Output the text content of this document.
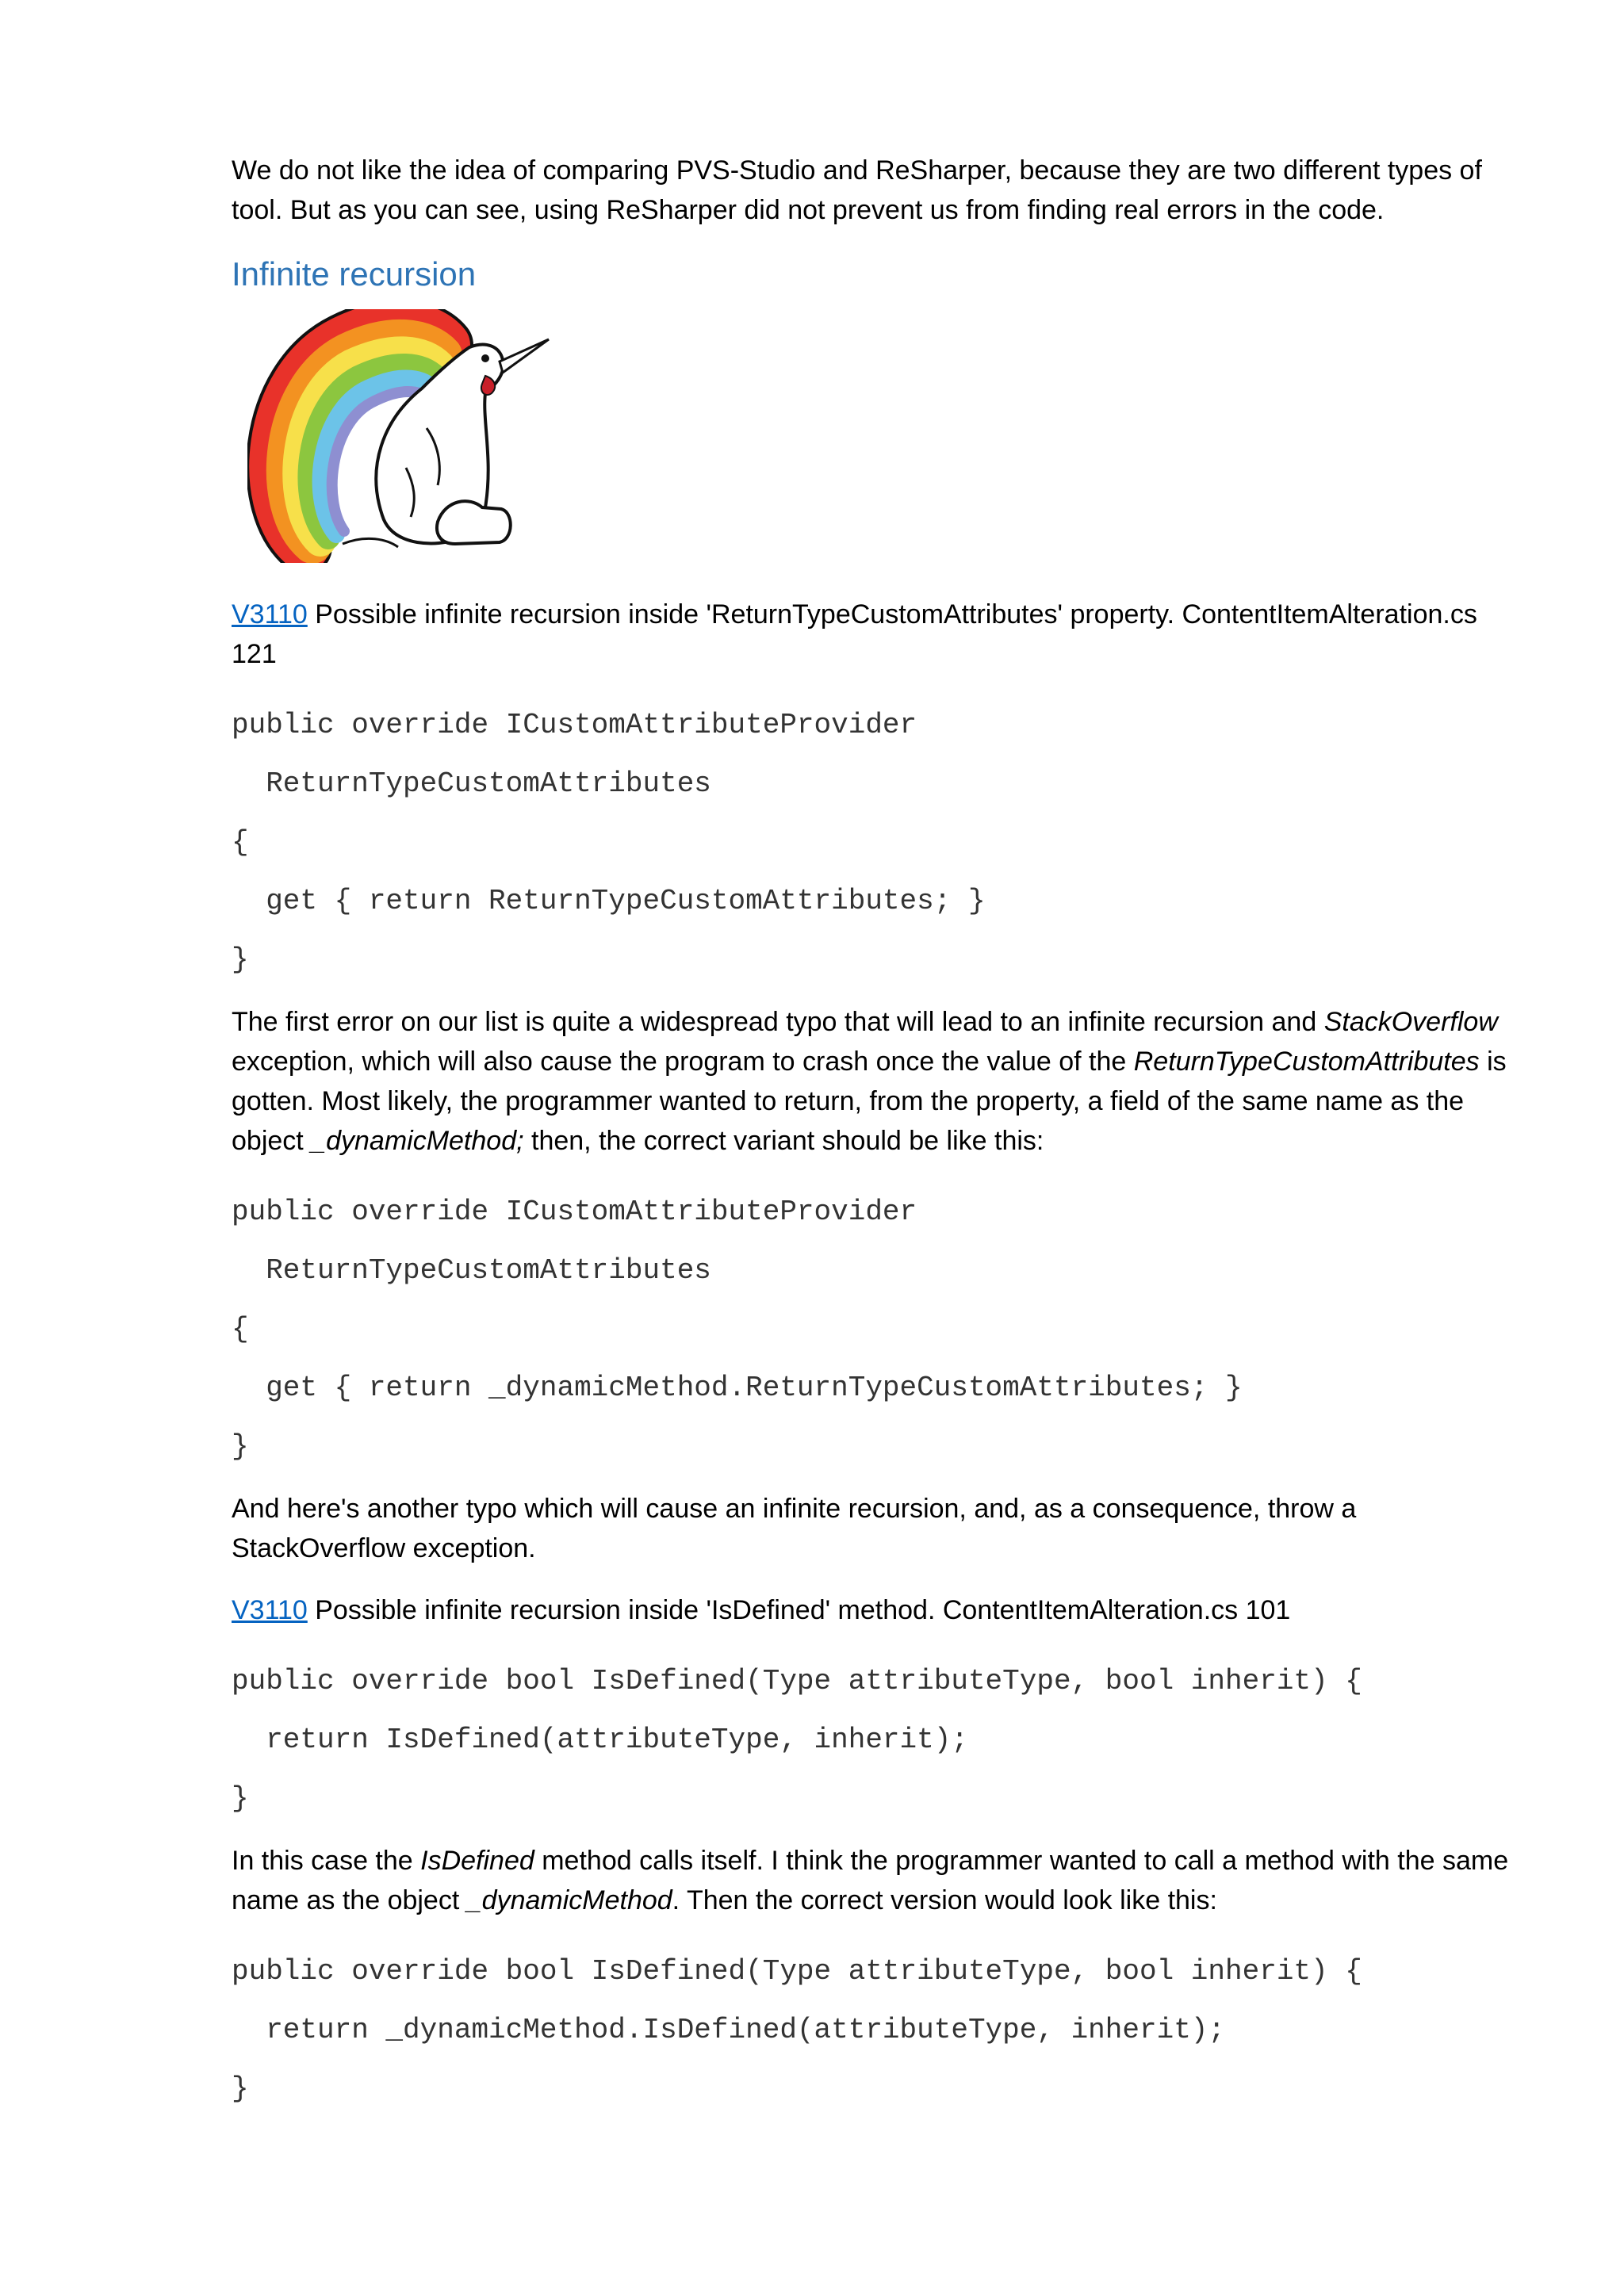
We do not like the idea of comparing PVS-Studio and ReSharper, because they are two different types of tool. But as you can see, using ReSharper did not prevent us from finding real errors in the code.

Infinite recursion

V3110 Possible infinite recursion inside 'ReturnTypeCustomAttributes' property. ContentItemAlteration.cs 121

public override ICustomAttributeProvider
ReturnTypeCustomAttributes
{
get { return ReturnTypeCustomAttributes; }
}

The first error on our list is quite a widespread typo that will lead to an infinite recursion and StackOverflow exception, which will also cause the program to crash once the value of the ReturnTypeCustomAttributes is gotten. Most likely, the programmer wanted to return, from the property, a field of the same name as the object _dynamicMethod; then, the correct variant should be like this:

public override ICustomAttributeProvider
ReturnTypeCustomAttributes
{
get { return _dynamicMethod.ReturnTypeCustomAttributes; }
}

And here's another typo which will cause an infinite recursion, and, as a consequence, throw a StackOverflow exception.

V3110 Possible infinite recursion inside 'IsDefined' method. ContentItemAlteration.cs 101

public override bool IsDefined(Type attributeType, bool inherit) {
return IsDefined(attributeType, inherit);
}

In this case the IsDefined method calls itself. I think the programmer wanted to call a method with the same name as the object _dynamicMethod. Then the correct version would look like this:

public override bool IsDefined(Type attributeType, bool inherit) {
return _dynamicMethod.IsDefined(attributeType, inherit);
}
